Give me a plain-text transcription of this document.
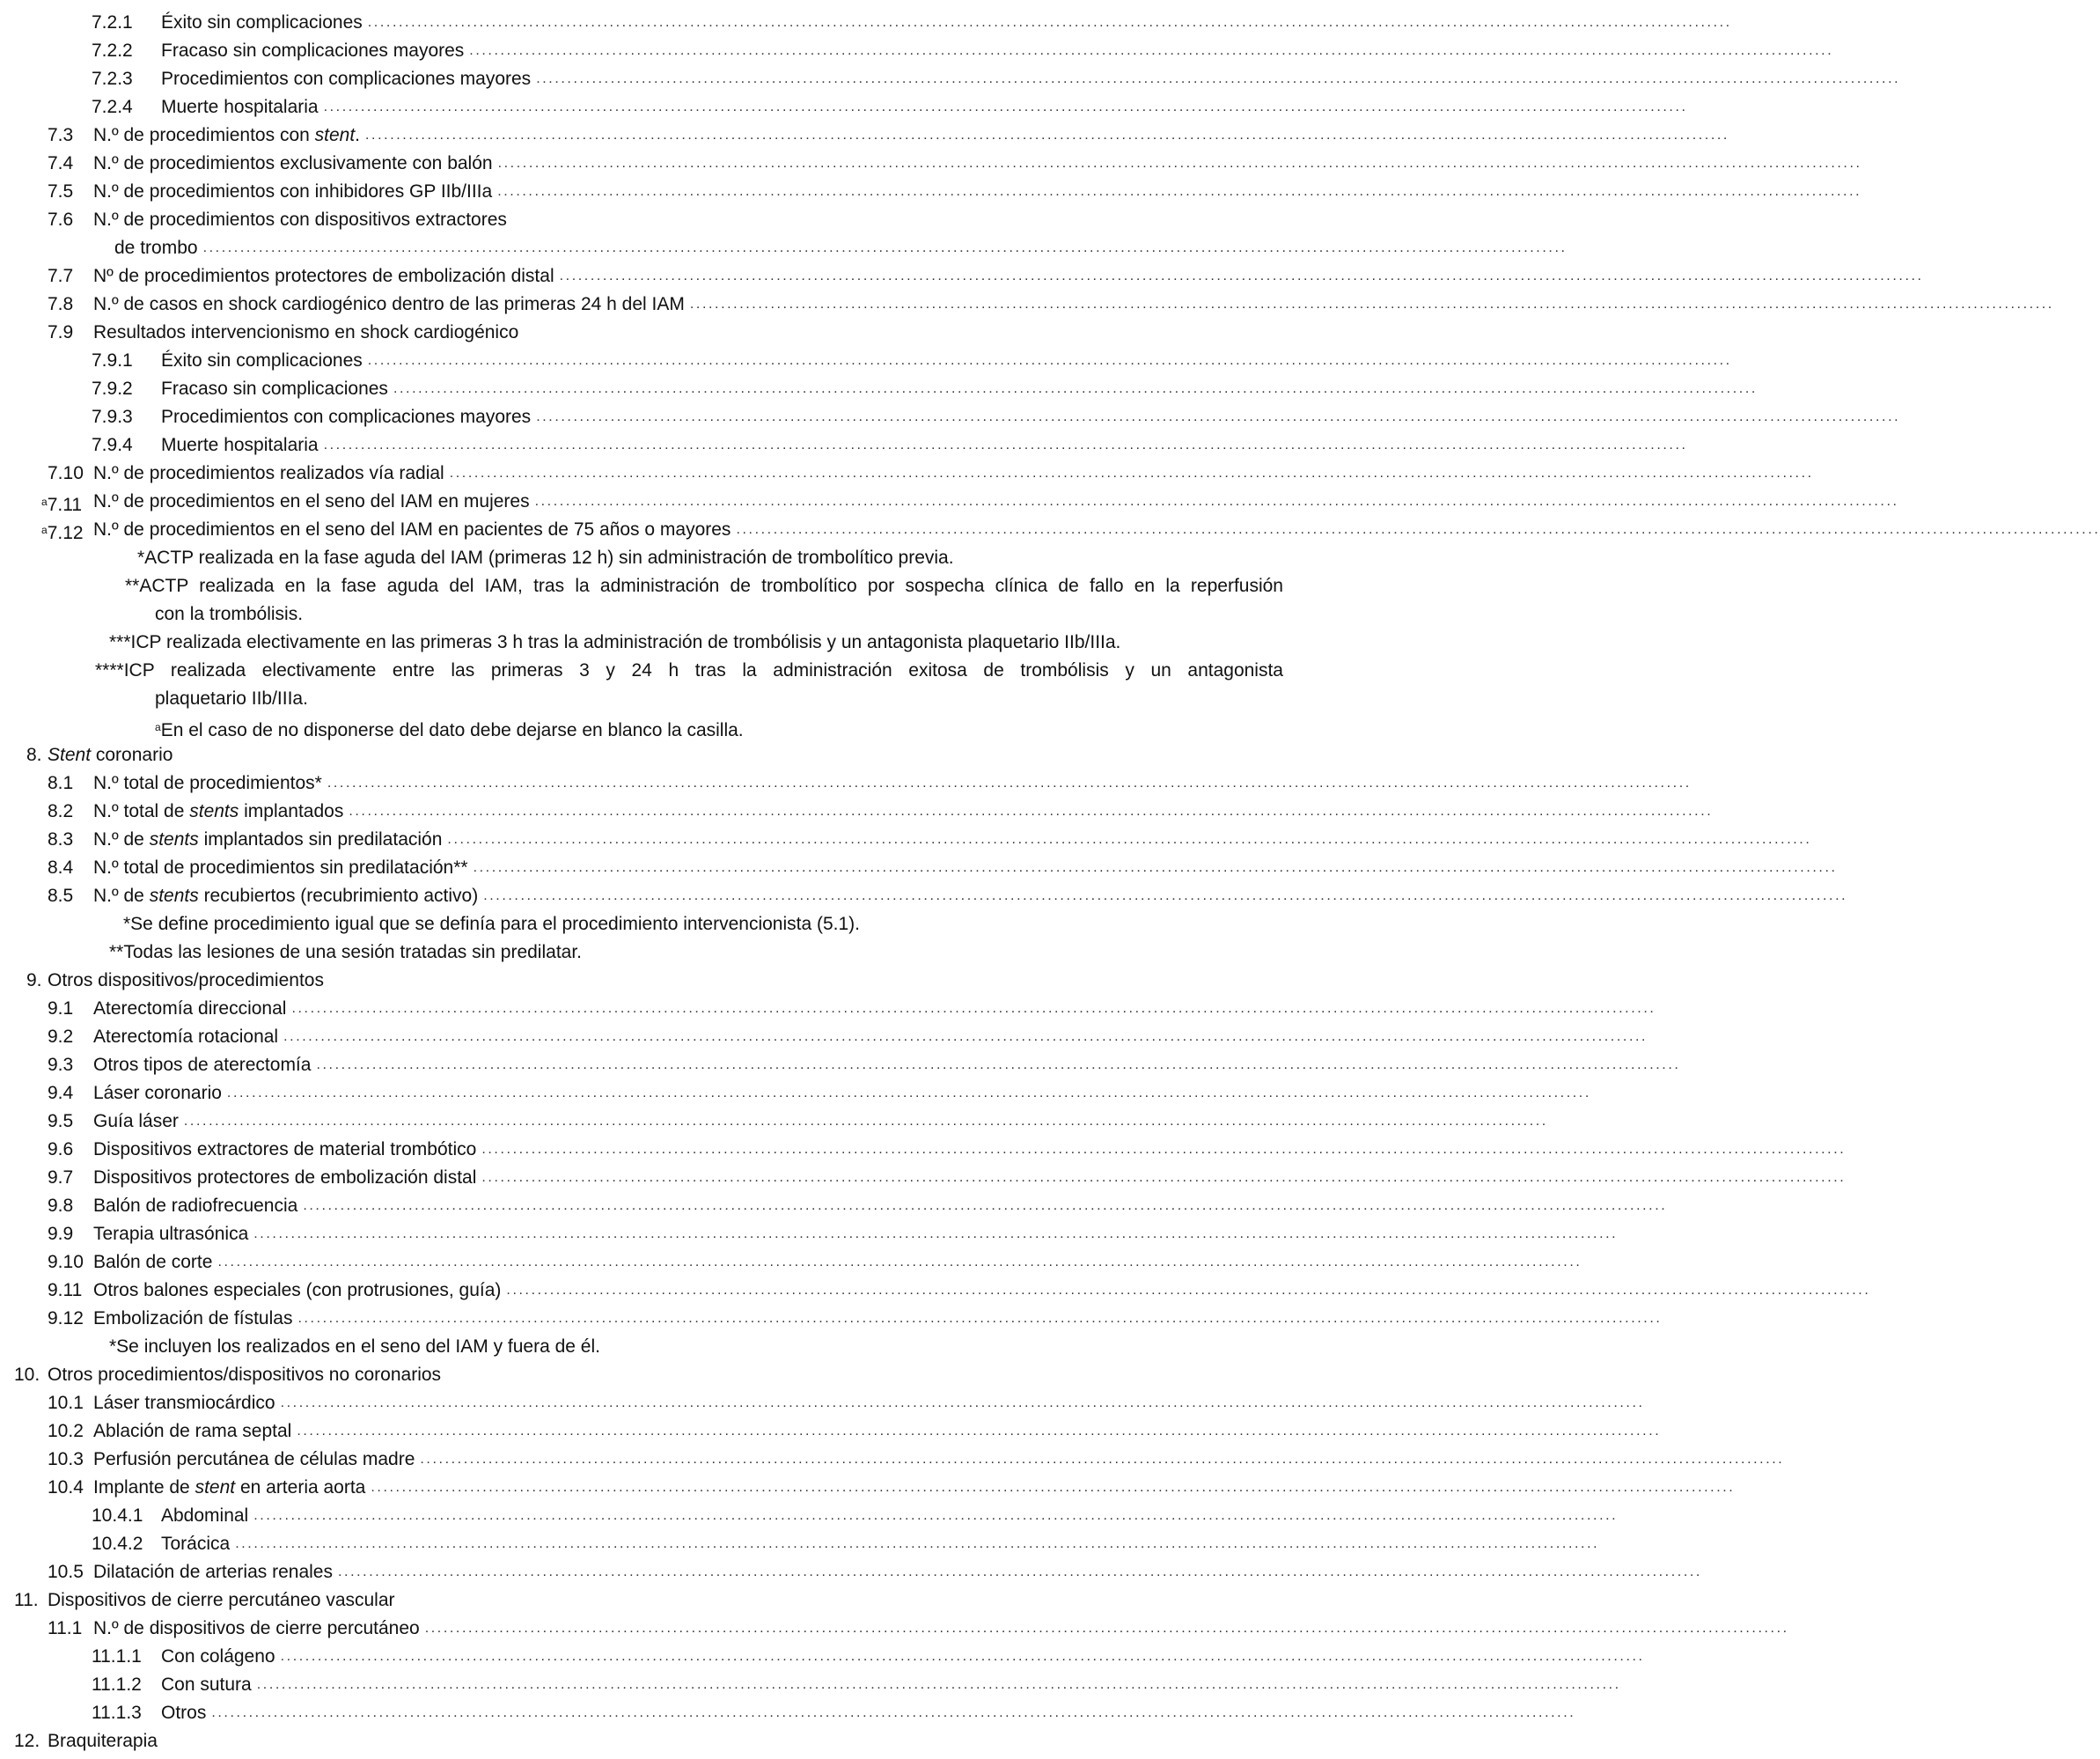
7.2.1	Éxito sin complicaciones ............................................................................................................................................................................................................................
7.2.2	Fracaso sin complicaciones mayores ............................................................................................................................................................................................................................
7.2.3	Procedimientos con complicaciones mayores ............................................................................................................................................................................................................................
7.2.4	Muerte hospitalaria ............................................................................................................................................................................................................................
7.3	N.º de procedimientos con stent. ............................................................................................................................................................................................................................
7.4	N.º de procedimientos exclusivamente con balón ............................................................................................................................................................................................................................
7.5	N.º de procedimientos con inhibidores GP IIb/IIIa ............................................................................................................................................................................................................................
7.6	N.º de procedimientos con dispositivos extractores
de trombo ............................................................................................................................................................................................................................
7.7	Nº de procedimientos protectores de embolización distal ............................................................................................................................................................................................................................
7.8	N.º de casos en shock cardiogénico dentro de las primeras 24 h del IAM ............................................................................................................................................................................................................................
7.9	Resultados intervencionismo en shock cardiogénico
7.9.1	Éxito sin complicaciones ............................................................................................................................................................................................................................
7.9.2	Fracaso sin complicaciones ............................................................................................................................................................................................................................
7.9.3	Procedimientos con complicaciones mayores ............................................................................................................................................................................................................................
7.9.4	Muerte hospitalaria ............................................................................................................................................................................................................................
7.10 N.º de procedimientos realizados vía radial ............................................................................................................................................................................................................................
$^a$7.11 N.º de procedimientos en el seno del IAM en mujeres ............................................................................................................................................................................................................................
$^a$7.12 N.º de procedimientos en el seno del IAM en pacientes de 75 años o mayores ............................................................................................................................................................................................................................
*ACTP realizada en la fase aguda del IAM (primeras 12 h) sin administración de trombolítico previa.
**ACTP realizada en la fase aguda del IAM, tras la administración de trombolítico por sospecha clínica de fallo en la reperfusión
con la trombólisis.
***ICP realizada electivamente en las primeras 3 h tras la administración de trombólisis y un antagonista plaquetario IIb/IIIa.
****ICP realizada electivamente entre las primeras 3 y 24 h tras la administración exitosa de trombólisis y un antagonista
plaquetario IIb/IIIa.
$^a$En el caso de no disponerse del dato debe dejarse en blanco la casilla.
8. Stent coronario
8.1	N.º total de procedimientos* ............................................................................................................................................................................................................................
8.2	N.º total de stents implantados ............................................................................................................................................................................................................................
8.3	N.º de stents implantados sin predilatación ............................................................................................................................................................................................................................
8.4	N.º total de procedimientos sin predilatación** ............................................................................................................................................................................................................................
8.5	N.º de stents recubiertos (recubrimiento activo) ............................................................................................................................................................................................................................
*Se define procedimiento igual que se definía para el procedimiento intervencionista (5.1).
**Todas las lesiones de una sesión tratadas sin predilatar.
9. Otros dispositivos/procedimientos
9.1	Aterectomía direccional ............................................................................................................................................................................................................................
9.2	Aterectomía rotacional ............................................................................................................................................................................................................................
9.3	Otros tipos de aterectomía ............................................................................................................................................................................................................................
9.4	Láser coronario ............................................................................................................................................................................................................................
9.5	Guía láser ............................................................................................................................................................................................................................
9.6	Dispositivos extractores de material trombótico ............................................................................................................................................................................................................................
9.7	Dispositivos protectores de embolización distal ............................................................................................................................................................................................................................
9.8	Balón de radiofrecuencia ............................................................................................................................................................................................................................
9.9	Terapia ultrasónica ............................................................................................................................................................................................................................
9.10 Balón de corte ............................................................................................................................................................................................................................
9.11 Otros balones especiales (con protrusiones, guía) ............................................................................................................................................................................................................................
9.12 Embolización de fístulas ............................................................................................................................................................................................................................
*Se incluyen los realizados en el seno del IAM y fuera de él.
10. Otros procedimientos/dispositivos no coronarios
10.1 Láser transmiocárdico ............................................................................................................................................................................................................................
10.2 Ablación de rama septal ............................................................................................................................................................................................................................
10.3 Perfusión percutánea de células madre ............................................................................................................................................................................................................................
10.4 Implante de stent en arteria aorta ............................................................................................................................................................................................................................
10.4.1 Abdominal ............................................................................................................................................................................................................................
10.4.2 Torácica ............................................................................................................................................................................................................................
10.5 Dilatación de arterias renales ............................................................................................................................................................................................................................
11. Dispositivos de cierre percutáneo vascular
11.1 N.º de dispositivos de cierre percutáneo ............................................................................................................................................................................................................................
11.1.1	Con colágeno ............................................................................................................................................................................................................................
11.1.2	Con sutura ............................................................................................................................................................................................................................
11.1.3	Otros ............................................................................................................................................................................................................................
12. Braquiterapia
